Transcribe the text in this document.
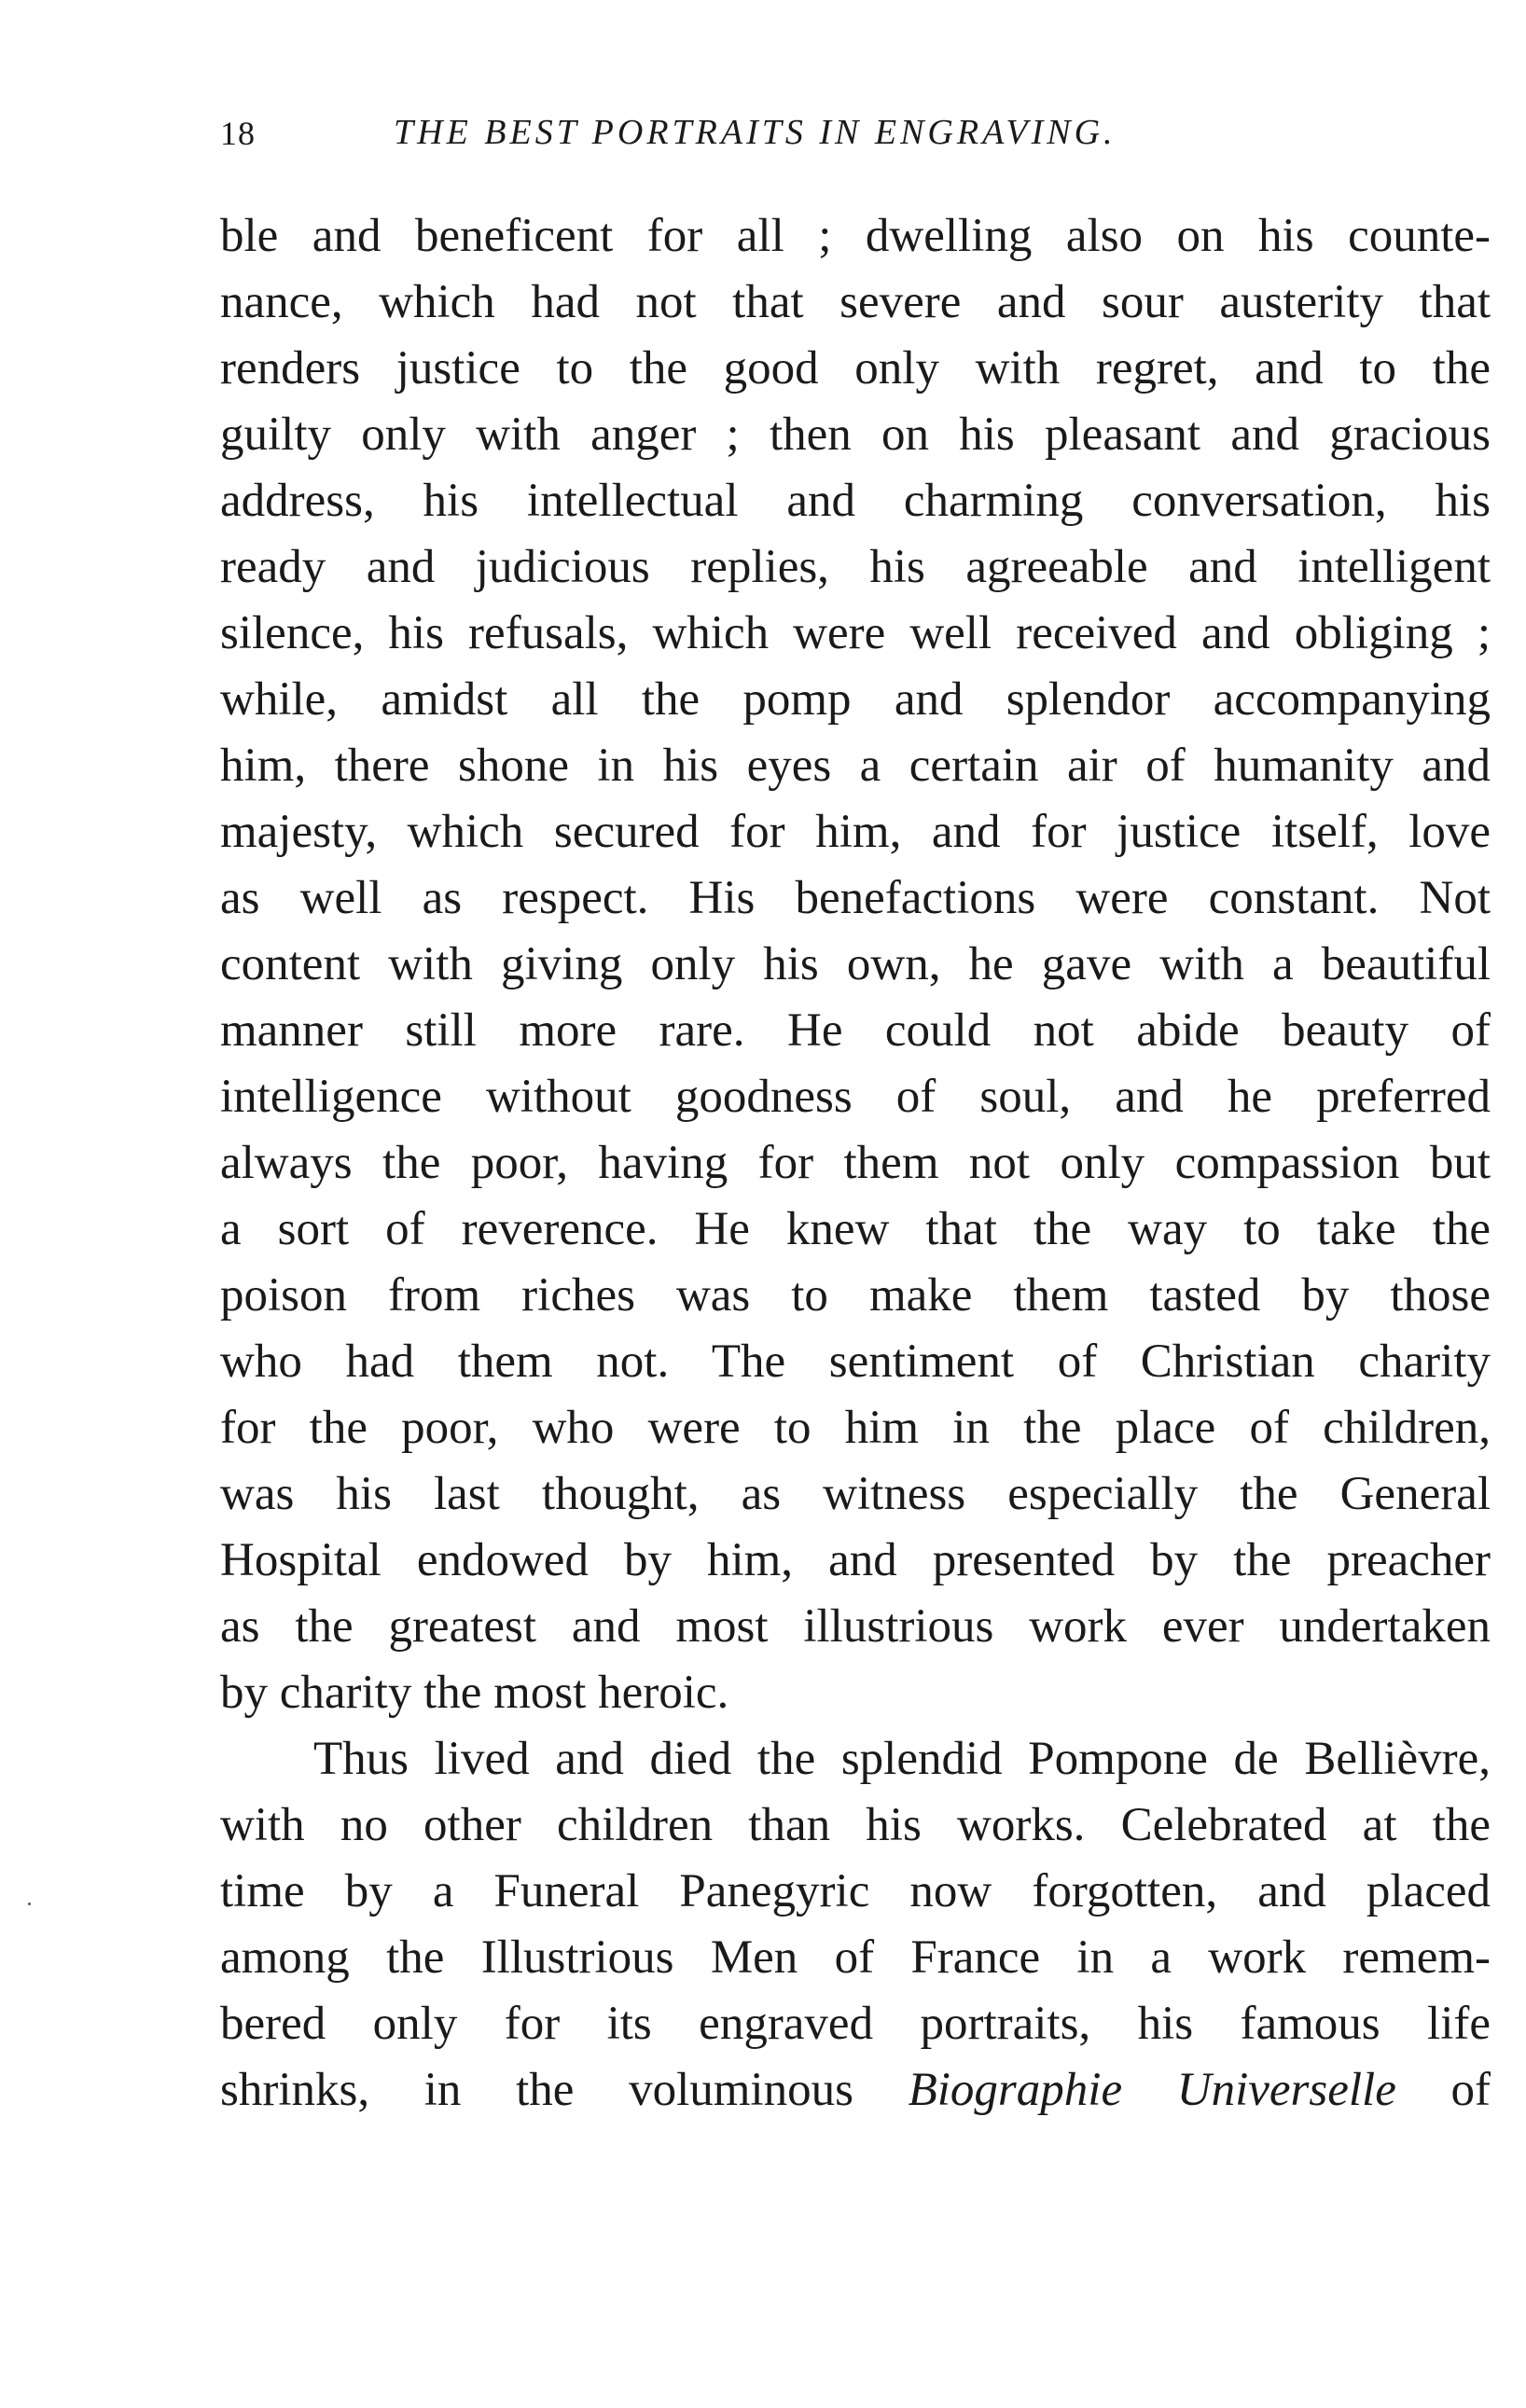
18	THE BEST PORTRAITS IN ENGRAVING.
ble and beneficent for all ; dwelling also on his counte-
nance, which had not that severe and sour austerity that
renders justice to the good only with regret, and to the
guilty only with anger ; then on his pleasant and gracious
address, his intellectual and charming conversation, his
ready and judicious replies, his agreeable and intelligent
silence, his refusals, which were well received and obliging ;
while, amidst all the pomp and splendor accompanying
him, there shone in his eyes a certain air of humanity and
majesty, which secured for him, and for justice itself, love
as well as respect. His benefactions were constant. Not
content with giving only his own, he gave with a beautiful
manner still more rare. He could not abide beauty of
intelligence without goodness of soul, and he preferred
always the poor, having for them not only compassion but
a sort of reverence. He knew that the way to take the
poison from riches was to make them tasted by those
who had them not. The sentiment of Christian charity
for the poor, who were to him in the place of children,
was his last thought, as witness especially the General
Hospital endowed by him, and presented by the preacher
as the greatest and most illustrious work ever undertaken
by charity the most heroic.
Thus lived and died the splendid Pompone de Bellièvre,
with no other children than his works. Celebrated at the
time by a Funeral Panegyric now forgotten, and placed
among the Illustrious Men of France in a work remem-
bered only for its engraved portraits, his famous life
shrinks, in the voluminous Biographie Universelle of
